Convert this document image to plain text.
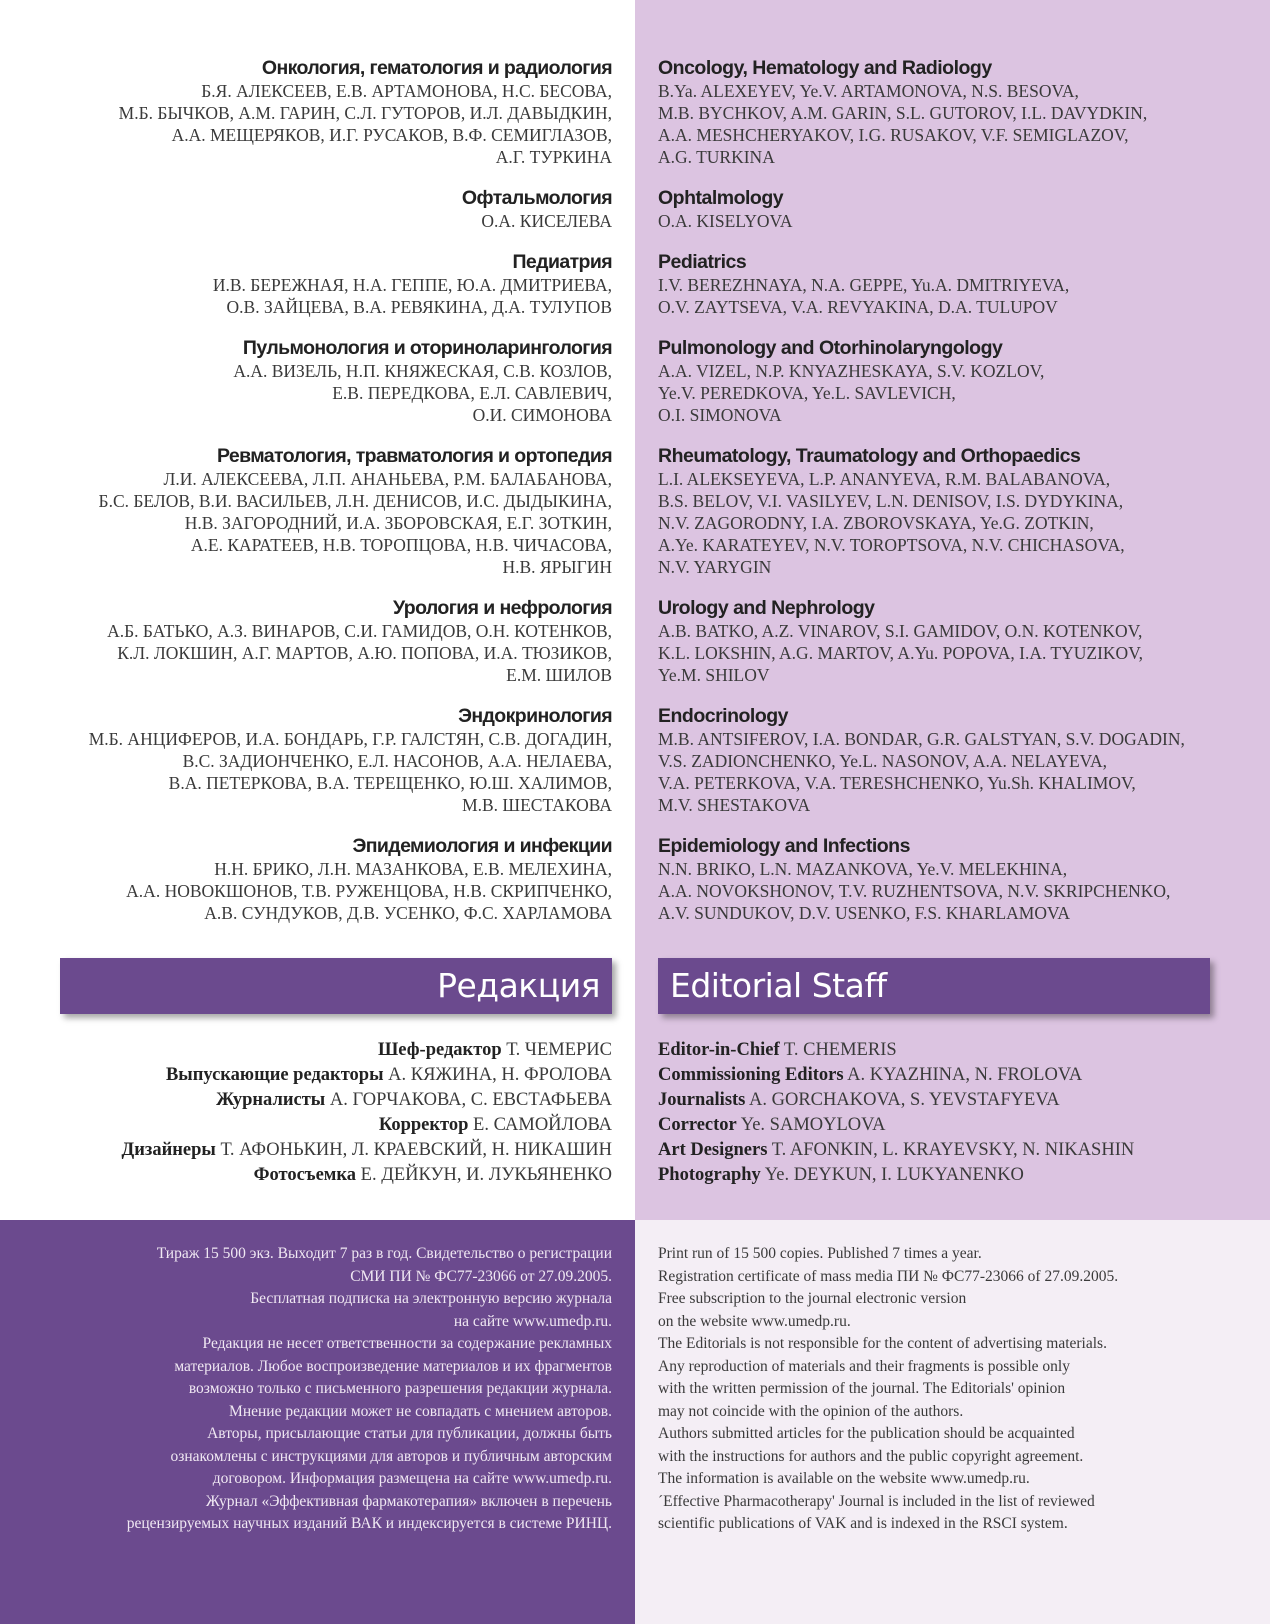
Онкология, гематология и радиология
Б.Я. АЛЕКСЕЕВ, Е.В. АРТАМОНОВА, Н.С. БЕСОВА,
М.Б. БЫЧКОВ, А.М. ГАРИН, С.Л. ГУТОРОВ, И.Л. ДАВЫДКИН,
А.А. МЕЩЕРЯКОВ, И.Г. РУСАКОВ, В.Ф. СЕМИГЛАЗОВ,
А.Г. ТУРКИНА
Офтальмология
О.А. КИСЕЛЕВА
Педиатрия
И.В. БЕРЕЖНАЯ, Н.А. ГЕППЕ, Ю.А. ДМИТРИЕВА,
О.В. ЗАЙЦЕВА, В.А. РЕВЯКИНА, Д.А. ТУЛУПОВ
Пульмонология и оториноларингология
А.А. ВИЗЕЛЬ, Н.П. КНЯЖЕСКАЯ, С.В. КОЗЛОВ,
Е.В. ПЕРЕДКОВА, Е.Л. САВЛЕВИЧ,
О.И. СИМОНОВА
Ревматология, травматология и ортопедия
Л.И. АЛЕКСЕЕВА, Л.П. АНАНЬЕВА, Р.М. БАЛАБАНОВА,
Б.С. БЕЛОВ, В.И. ВАСИЛЬЕВ, Л.Н. ДЕНИСОВ, И.С. ДЫДЫКИНА,
Н.В. ЗАГОРОДНИЙ, И.А. ЗБОРОВСКАЯ, Е.Г. ЗОТКИН,
А.Е. КАРАТЕЕВ, Н.В. ТОРОПЦОВА, Н.В. ЧИЧАСОВА,
Н.В. ЯРЫГИН
Урология и нефрология
А.Б. БАТЬКО, А.З. ВИНАРОВ, С.И. ГАМИДОВ, О.Н. КОТЕНКОВ,
К.Л. ЛОКШИН, А.Г. МАРТОВ, А.Ю. ПОПОВА, И.А. ТЮЗИКОВ,
Е.М. ШИЛОВ
Эндокринология
М.Б. АНЦИФЕРОВ, И.А. БОНДАРЬ, Г.Р. ГАЛСТЯН, С.В. ДОГАДИН,
В.С. ЗАДИОНЧЕНКО, Е.Л. НАСОНОВ, А.А. НЕЛАЕВА,
В.А. ПЕТЕРКОВА, В.А. ТЕРЕЩЕНКО, Ю.Ш. ХАЛИМОВ,
М.В. ШЕСТАКОВА
Эпидемиология и инфекции
Н.Н. БРИКО, Л.Н. МАЗАНКОВА, Е.В. МЕЛЕХИНА,
А.А. НОВОКШОНОВ, Т.В. РУЖЕНЦОВА, Н.В. СКРИПЧЕНКО,
А.В. СУНДУКОВ, Д.В. УСЕНКО, Ф.С. ХАРЛАМОВА
Oncology, Hematology and Radiology
B.Ya. ALEXEYEV, Ye.V. ARTAMONOVA, N.S. BESOVA,
M.B. BYCHKOV, A.M. GARIN, S.L. GUTOROV, I.L. DAVYDKIN,
A.A. MESHCHERYAKOV, I.G. RUSAKOV, V.F. SEMIGLAZOV,
A.G. TURKINA
Ophtalmology
O.A. KISELYOVA
Pediatrics
I.V. BEREZHNAYA, N.A. GEPPE, Yu.A. DMITRIYEVA,
O.V. ZAYTSEVA, V.A. REVYAKINA, D.A. TULUPOV
Pulmonology and Otorhinolaryngology
A.A. VIZEL, N.P. KNYAZHESKAYA, S.V. KOZLOV,
Ye.V. PEREDKOVA, Ye.L. SAVLEVICH,
O.I. SIMONOVA
Rheumatology, Traumatology and Orthopaedics
L.I. ALEKSEYEVA, L.P. ANANYEVA, R.M. BALABANOVA,
B.S. BELOV, V.I. VASILYEV, L.N. DENISOV, I.S. DYDYKINA,
N.V. ZAGORODNY, I.A. ZBOROVSKAYA, Ye.G. ZOTKIN,
A.Ye. KARATEYEV, N.V. TOROPTSOVA, N.V. CHICHASOVA,
N.V. YARYGIN
Urology and Nephrology
A.B. BATKO, A.Z. VINAROV, S.I. GAMIDOV, O.N. KOTENKOV,
K.L. LOKSHIN, A.G. MARTOV, A.Yu. POPOVA, I.A. TYUZIKOV,
Ye.M. SHILOV
Endocrinology
M.B. ANTSIFEROV, I.A. BONDAR, G.R. GALSTYAN, S.V. DOGADIN,
V.S. ZADIONCHENKO, Ye.L. NASONOV, A.A. NELAYEVA,
V.A. PETERKOVA, V.A. TERESHCHENKO, Yu.Sh. KHALIMOV,
M.V. SHESTAKOVA
Epidemiology and Infections
N.N. BRIKO, L.N. MAZANKOVA, Ye.V. MELEKHINA,
A.A. NOVOKSHONOV, T.V. RUZHENTSOVA, N.V. SKRIPCHENKO,
A.V. SUNDUKOV, D.V. USENKO, F.S. KHARLAMOVA
Редакция	Editorial Staff
Шеф-редактор Т. ЧЕМЕРИС
Выпускающие редакторы А. КЯЖИНА, Н. ФРОЛОВА
Журналисты А. ГОРЧАКОВА, С. ЕВСТАФЬЕВА
Корректор Е. САМОЙЛОВА
Дизайнеры Т. АФОНЬКИН, Л. КРАЕВСКИЙ, Н. НИКАШИН
Фотосъемка Е. ДЕЙКУН, И. ЛУКЬЯНЕНКО
Editor-in-Chief T. CHEMERIS
Commissioning Editors A. KYAZHINA, N. FROLOVA
Journalists A. GORCHAKOVA, S. YEVSTAFYEVA
Corrector Ye. SAMOYLOVA
Art Designers T. AFONKIN, L. KRAYEVSKY, N. NIKASHIN
Photography Ye. DEYKUN, I. LUKYANENKO
Тираж 15 500 экз. Выходит 7 раз в год. Свидетельство о регистрации
СМИ ПИ № ФС77-23066 от 27.09.2005.
Бесплатная подписка на электронную версию журнала
на сайте www.umedp.ru.
Редакция не несет ответственности за содержание рекламных
материалов. Любое воспроизведение материалов и их фрагментов
возможно только с письменного разрешения редакции журнала.
Мнение редакции может не совпадать с мнением авторов.
Авторы, присылающие статьи для публикации, должны быть
ознакомлены с инструкциями для авторов и публичным авторским
договором. Информация размещена на сайте www.umedp.ru.
Журнал «Эффективная фармакотерапия» включен в перечень
рецензируемых научных изданий ВАК и индексируется в системе РИНЦ.
Print run of 15 500 copies. Published 7 times a year.
Registration certificate of mass media ПИ № ФС77-23066 of 27.09.2005.
Free subscription to the journal electronic version
on the website www.umedp.ru.
The Editorials is not responsible for the content of advertising materials.
Any reproduction of materials and their fragments is possible only
with the written permission of the journal. The Editorials' opinion
may not coincide with the opinion of the authors.
Authors submitted articles for the publication should be acquainted
with the instructions for authors and the public copyright agreement.
The information is available on the website www.umedp.ru.
´Effective Pharmacotherapy' Journal is included in the list of reviewed
scientific publications of VAK and is indexed in the RSCI system.
